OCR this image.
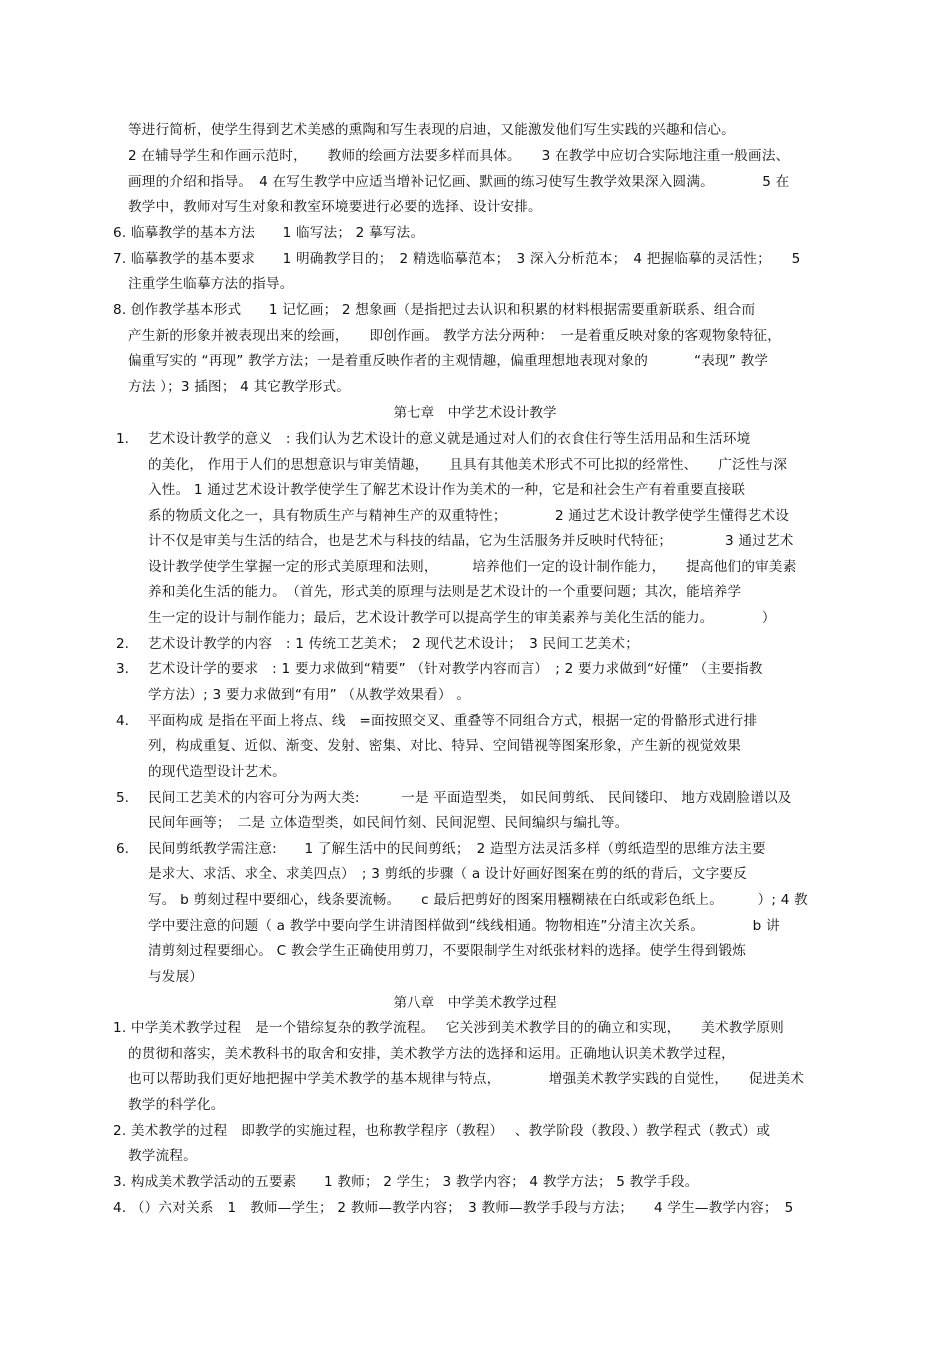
等进行简析，使学生得到艺术美感的熏陶和写生表现的启迪，又能激发他们写生实践的兴趣和信心。
2 在辅导学生和作画示范时，　　教师的绘画方法要多样而具体。　　3 在教学中应切合实际地注重一般画法、
画理的介绍和指导。　4 在写生教学中应适当增补记忆画、默画的练习使写生教学效果深入圆满。　　　　5 在
教学中，教师对写生对象和教室环境要进行必要的选择、设计安排。
6. 临摹教学的基本方法　　1 临写法； 2 摹写法。
7. 临摹教学的基本要求　　1 明确教学目的；　2 精选临摹范本；　3 深入分析范本；　4 把握临摹的灵活性；　　5
注重学生临摹方法的指导。
8. 创作教学基本形式　　1 记忆画； 2 想象画（是指把过去认识和积累的材料根据需要重新联系、组合而
产生新的形象并被表现出来的绘画，　　即创作画。 教学方法分两种：　一是着重反映对象的客观物象特征，
偏重写实的 “再现” 教学方法；一是着重反映作者的主观情趣，偏重理想地表现对象的　　　 “表现” 教学
方法 ）；3 插图； 4 其它教学形式。
第七章　中学艺术设计教学
1. 艺术设计教学的意义　: 我们认为艺术设计的意义就是通过对人们的衣食住行等生活用品和生活环境
的美化， 作用于人们的思想意识与审美情趣，　　且具有其他美术形式不可比拟的经常性、　　广泛性与深
入性。 1 通过艺术设计教学使学生了解艺术设计作为美术的一种，它是和社会生产有着重要直接联
系的物质文化之一，具有物质生产与精神生产的双重特性；　　　　2 通过艺术设计教学使学生懂得艺术设
计不仅是审美与生活的结合，也是艺术与科技的结晶，它为生活服务并反映时代特征；　　　　 3 通过艺术
设计教学使学生掌握一定的形式美原理和法则，　　　培养他们一定的设计制作能力，　　提高他们的审美素
养和美化生活的能力。　（首先，形式美的原理与法则是艺术设计的一个重要问题；其次，能培养学
生一定的设计与制作能力；最后，艺术设计教学可以提高学生的审美素养与美化生活的能力。　　　　）
2. 艺术设计教学的内容　: 1 传统工艺美术；　2 现代艺术设计；　3 民间工艺美术；
3. 艺术设计学的要求　: 1 要力求做到“精要” （针对教学内容而言）　; 2 要力求做到“好懂” （主要指教
学方法）; 3 要力求做到“有用” （从教学效果看） 。
4. 平面构成 是指在平面上将点、线　=面按照交叉、重叠等不同组合方式，根据一定的骨骼形式进行排
列，构成重复、近似、渐变、发射、密集、对比、特异、空间错视等图案形象，产生新的视觉效果
的现代造型设计艺术。
5. 民间工艺美术的内容可分为两大类:　　　一是 平面造型类， 如民间剪纸、 民间镂印、 地方戏剧脸谱以及
民间年画等；　二是 立体造型类，如民间竹刻、民间泥塑、民间编织与编扎等。
6. 民间剪纸教学需注意:　　1 了解生活中的民间剪纸；　2 造型方法灵活多样（剪纸造型的思维方法主要
是求大、求活、求全、求美四点）　; 3 剪纸的步骤（ a 设计好画好图案在剪的纸的背后，文字要反
写。 b 剪刻过程中要细心，线条要流畅。　　c 最后把剪好的图案用糨糊裱在白纸或彩色纸上。　　　）; 4 教
学中要注意的问题（ a 教学中要向学生讲清图样做到“线线相通。物物相连”分清主次关系。　　　　b 讲
清剪刻过程要细心。 C 教会学生正确使用剪刀，不要限制学生对纸张材料的选择。使学生得到锻炼
与发展）
第八章　中学美术教学过程
1. 中学美术教学过程　是一个错综复杂的教学流程。　 它关涉到美术教学目的的确立和实现，　　美术教学原则
的贯彻和落实，美术教科书的取舍和安排，美术教学方法的选择和运用。正确地认识美术教学过程，
也可以帮助我们更好地把握中学美术教学的基本规律与特点，　　　　增强美术教学实践的自觉性，　　促进美术
教学的科学化。
2. 美术教学的过程　即教学的实施过程，也称教学程序（教程）　 、教学阶段（教段、）教学程式（教式）或
教学流程。
3. 构成美术教学活动的五要素　　1 教师； 2 学生； 3 教学内容； 4 教学方法； 5 教学手段。
4. （）六对关系　1　教师—学生； 2 教师—教学内容；　3 教师—教学手段与方法；　　4 学生—教学内容；　5
